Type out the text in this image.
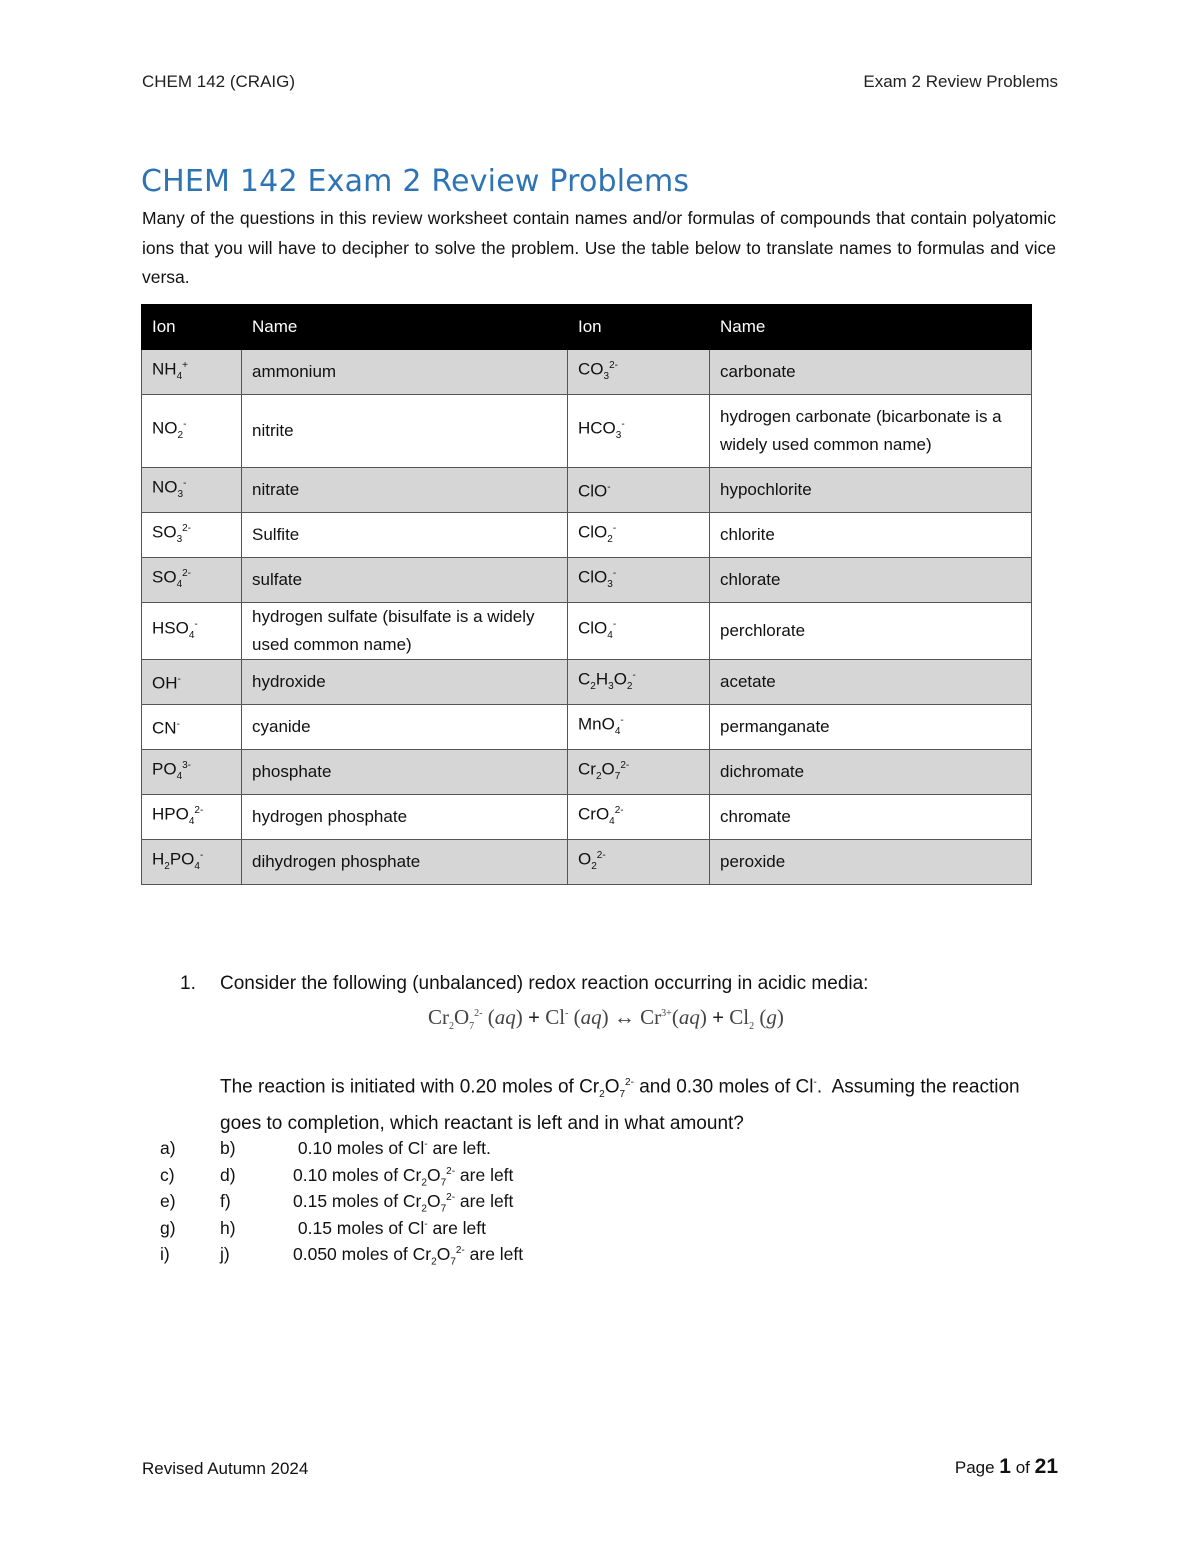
CHEM 142 (CRAIG)	Exam 2 Review Problems
CHEM 142 Exam 2 Review Problems
Many of the questions in this review worksheet contain names and/or formulas of compounds that contain polyatomic ions that you will have to decipher to solve the problem. Use the table below to translate names to formulas and vice versa.
Ion	Name	Ion	Name
$NH_4^+$	ammonium	$CO_3^{2-}$	carbonate
$NO_2^-$	nitrite	$HCO_3^-$	hydrogen carbonate (bicarbonate is a widely used common name)
$NO_3^-$	nitrate	ClO-	hypochlorite
$SO_3^{2-}$	Sulfite	ClO$_2$-	chlorite
$SO_4^{2-}$	sulfate	ClO$_3$-	chlorate
$HSO_4^-$	hydrogen sulfate (bisulfate is a widely used common name)	ClO$_4$-	perchlorate
OH-	hydroxide	$C_2H_3O_2^-$	acetate
CN-	cyanide	MnO$_4$-	permanganate
$PO_4^{3-}$	phosphate	$Cr_2O_7^{2-}$	dichromate
$HPO_4^{2-}$	hydrogen phosphate	CrO$_4^{2-}$	chromate
$H_2PO_4^-$	dihydrogen phosphate	$O_2^{2-}$	peroxide
1. Consider the following (unbalanced) redox reaction occurring in acidic media:
$Cr_2O_7^{2-}$ (aq) + Cl- (aq) ↔ $Cr^{3+}(aq) + Cl_2$ (g)
The reaction is initiated with 0.20 moles of $Cr_2O_7^{2-}$ and 0.30 moles of Cl-.  Assuming the reaction goes to completion, which reactant is left and in what amount?
a)	b)	0.10 moles of Cl- are left.
c)	d)	0.10 moles of $Cr_2O_7^{2-}$ are left
e)	f)	0.15 moles of $Cr_2O_7^{2-}$ are left
g)	h)	0.15 moles of Cl- are left
i)	j)	0.050 moles of $Cr_2O_7^{2-}$ are left
Revised Autumn 2024	Page 1 of 21
